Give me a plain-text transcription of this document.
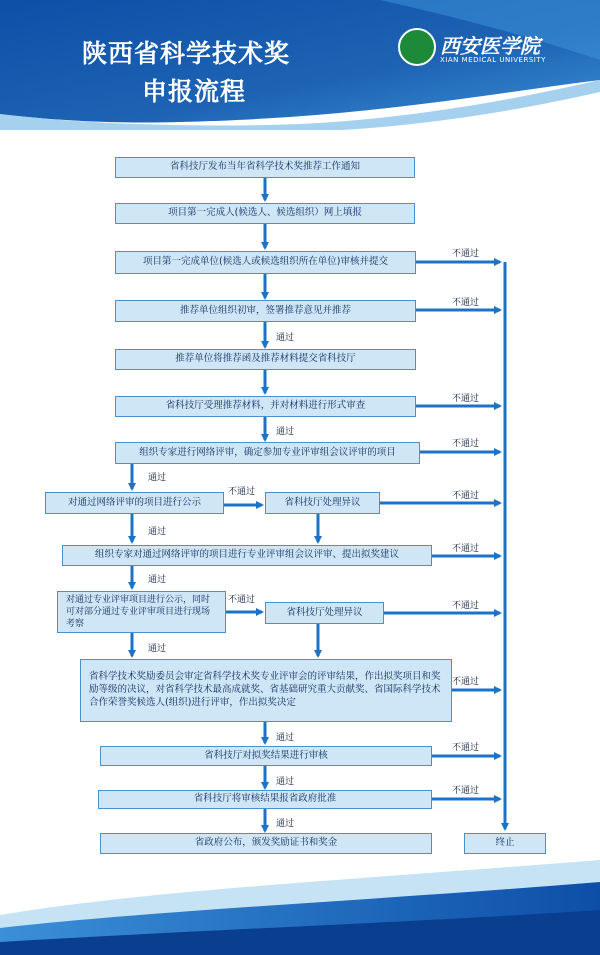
陕西省科学技术奖
申报流程
西安医学院
XIAN MEDICAL UNIVERSITY
省科技厅发布当年省科学技术奖推荐工作通知
项目第一完成人(候选人、候选组织）网上填报
项目第一完成单位(候选人或候选组织所在单位)审核并提交
推荐单位组织初审，签署推荐意见并推荐
推荐单位将推荐函及推荐材料提交省科技厅
省科技厅受理推荐材料，并对材料进行形式审查
组织专家进行网络评审，确定参加专业评审组会议评审的项目
对通过网络评审的项目进行公示	省科技厅处理异议
组织专家对通过网络评审的项目进行专业评审组会议评审、提出拟奖建议
对通过专业评审项目进行公示，同时可对部分通过专业评审项目进行现场考察
省科技厅处理异议
省科学技术奖励委员会审定省科学技术奖专业评审会的评审结果，作出拟奖项目和奖励等级的决议，对省科学技术最高成就奖、省基础研究重大贡献奖、省国际科学技术合作荣誉奖候选人(组织)进行评审，作出拟奖决定
省科技厅对拟奖结果进行审核
省科技厅将审核结果报省政府批准
省政府公布，颁发奖励证书和奖金	终止
通过
通过
通过
通过
通过
通过
通过
通过
通过
不通过
不通过
不通过
不通过
不通过	不通过
不通过
不通过
不通过
不通过
不通过
不通过
